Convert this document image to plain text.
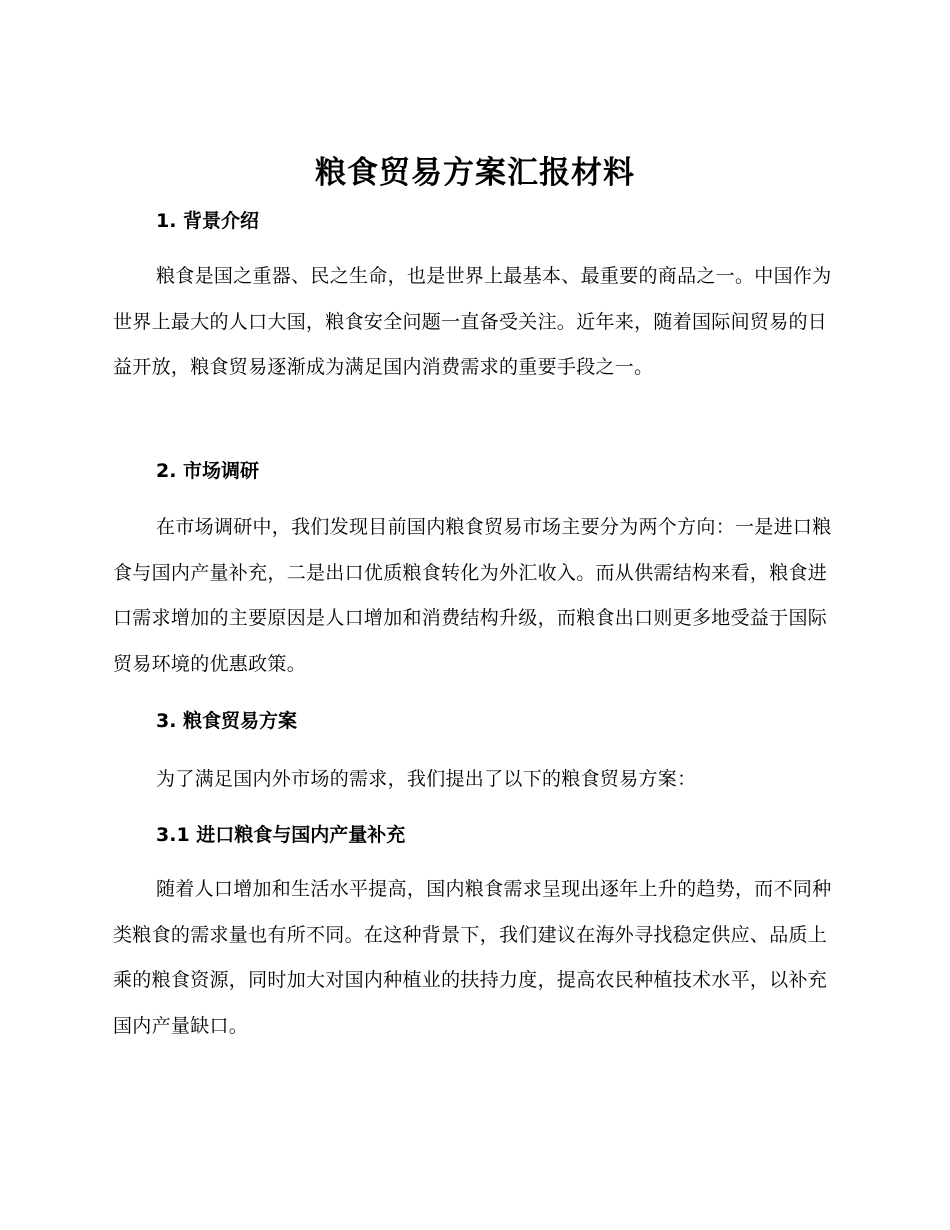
粮食贸易方案汇报材料
1. 背景介绍
粮食是国之重器、民之生命，也是世界上最基本、最重要的商品之一。中国作为世界上最大的人口大国，粮食安全问题一直备受关注。近年来，随着国际间贸易的日益开放，粮食贸易逐渐成为满足国内消费需求的重要手段之一。
2. 市场调研
在市场调研中，我们发现目前国内粮食贸易市场主要分为两个方向：一是进口粮食与国内产量补充，二是出口优质粮食转化为外汇收入。而从供需结构来看，粮食进口需求增加的主要原因是人口增加和消费结构升级，而粮食出口则更多地受益于国际贸易环境的优惠政策。
3. 粮食贸易方案
为了满足国内外市场的需求，我们提出了以下的粮食贸易方案：
3.1 进口粮食与国内产量补充
随着人口增加和生活水平提高，国内粮食需求呈现出逐年上升的趋势，而不同种类粮食的需求量也有所不同。在这种背景下，我们建议在海外寻找稳定供应、品质上乘的粮食资源，同时加大对国内种植业的扶持力度，提高农民种植技术水平，以补充国内产量缺口。
